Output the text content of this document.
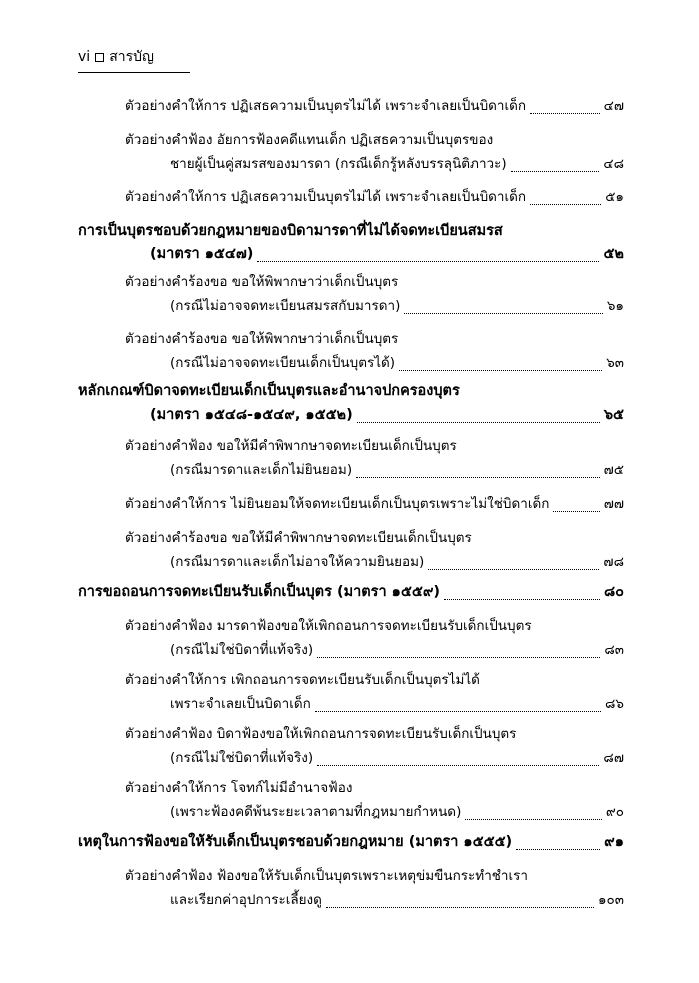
vi สารบัญ
ตัวอย่างคำให้การ ปฏิเสธความเป็นบุตรไม่ได้ เพราะจำเลยเป็นบิดาเด็ก	๔๗
ตัวอย่างคำฟ้อง อัยการฟ้องคดีแทนเด็ก ปฏิเสธความเป็นบุตรของ
ชายผู้เป็นคู่สมรสของมารดา (กรณีเด็กรู้หลังบรรลุนิติภาวะ)	๔๘
ตัวอย่างคำให้การ ปฏิเสธความเป็นบุตรไม่ได้ เพราะจำเลยเป็นบิดาเด็ก	๕๑
การเป็นบุตรชอบด้วยกฎหมายของบิดามารดาที่ไม่ได้จดทะเบียนสมรส
(มาตรา ๑๕๔๗)	๕๒
ตัวอย่างคำร้องขอ ขอให้พิพากษาว่าเด็กเป็นบุตร
(กรณีไม่อาจจดทะเบียนสมรสกับมารดา)	๖๑
ตัวอย่างคำร้องขอ ขอให้พิพากษาว่าเด็กเป็นบุตร
(กรณีไม่อาจจดทะเบียนเด็กเป็นบุตรได้)	๖๓
หลักเกณฑ์บิดาจดทะเบียนเด็กเป็นบุตรและอำนาจปกครองบุตร
(มาตรา ๑๕๔๘-๑๕๔๙, ๑๕๕๒)	๖๕
ตัวอย่างคำฟ้อง ขอให้มีคำพิพากษาจดทะเบียนเด็กเป็นบุตร
(กรณีมารดาและเด็กไม่ยินยอม)	๗๕
ตัวอย่างคำให้การ ไม่ยินยอมให้จดทะเบียนเด็กเป็นบุตรเพราะไม่ใช่บิดาเด็ก	๗๗
ตัวอย่างคำร้องขอ ขอให้มีคำพิพากษาจดทะเบียนเด็กเป็นบุตร
(กรณีมารดาและเด็กไม่อาจให้ความยินยอม)	๗๘
การขอถอนการจดทะเบียนรับเด็กเป็นบุตร (มาตรา ๑๕๕๙)	๘๐
ตัวอย่างคำฟ้อง มารดาฟ้องขอให้เพิกถอนการจดทะเบียนรับเด็กเป็นบุตร
(กรณีไม่ใช่บิดาที่แท้จริง)	๘๓
ตัวอย่างคำให้การ เพิกถอนการจดทะเบียนรับเด็กเป็นบุตรไม่ได้
เพราะจำเลยเป็นบิดาเด็ก	๘๖
ตัวอย่างคำฟ้อง บิดาฟ้องขอให้เพิกถอนการจดทะเบียนรับเด็กเป็นบุตร
(กรณีไม่ใช่บิดาที่แท้จริง)	๘๗
ตัวอย่างคำให้การ โจทก์ไม่มีอำนาจฟ้อง
(เพราะฟ้องคดีพ้นระยะเวลาตามที่กฎหมายกำหนด)	๙๐
เหตุในการฟ้องขอให้รับเด็กเป็นบุตรชอบด้วยกฎหมาย (มาตรา ๑๕๕๕)	๙๑
ตัวอย่างคำฟ้อง ฟ้องขอให้รับเด็กเป็นบุตรเพราะเหตุข่มขืนกระทำชำเรา
และเรียกค่าอุปการะเลี้ยงดู	๑๐๓
